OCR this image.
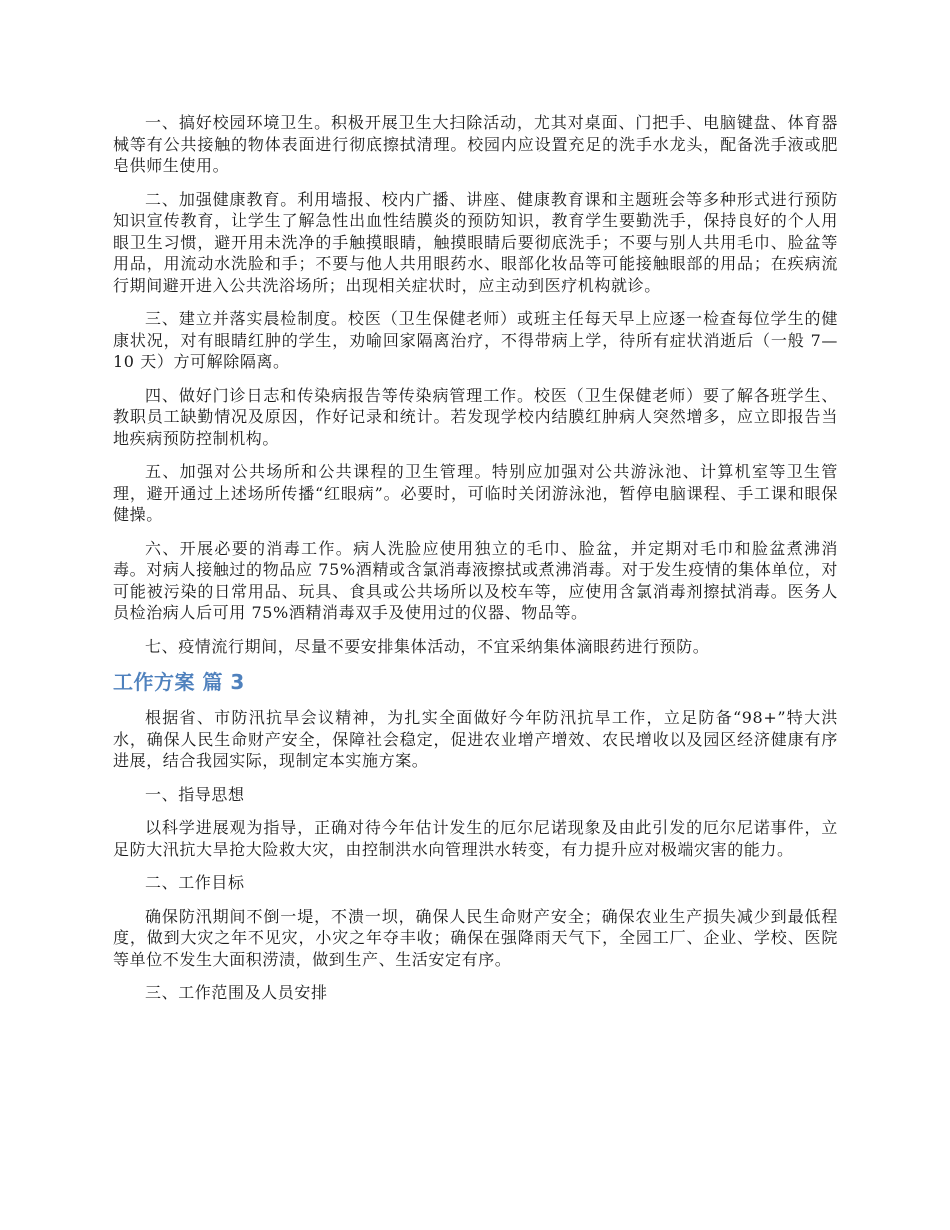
一、搞好校园环境卫生。积极开展卫生大扫除活动，尤其对桌面、门把手、电脑键盘、体育器械等有公共接触的物体表面进行彻底擦拭清理。校园内应设置充足的洗手水龙头，配备洗手液或肥皂供师生使用。

二、加强健康教育。利用墙报、校内广播、讲座、健康教育课和主题班会等多种形式进行预防知识宣传教育，让学生了解急性出血性结膜炎的预防知识，教育学生要勤洗手，保持良好的个人用眼卫生习惯，避开用未洗净的手触摸眼睛，触摸眼睛后要彻底洗手；不要与别人共用毛巾、脸盆等用品，用流动水洗脸和手；不要与他人共用眼药水、眼部化妆品等可能接触眼部的用品；在疾病流行期间避开进入公共洗浴场所；出现相关症状时，应主动到医疗机构就诊。

三、建立并落实晨检制度。校医（卫生保健老师）或班主任每天早上应逐一检查每位学生的健康状况，对有眼睛红肿的学生，劝喻回家隔离治疗，不得带病上学，待所有症状消逝后（一般 7—10 天）方可解除隔离。

四、做好门诊日志和传染病报告等传染病管理工作。校医（卫生保健老师）要了解各班学生、教职员工缺勤情况及原因，作好记录和统计。若发现学校内结膜红肿病人突然增多，应立即报告当地疾病预防控制机构。

五、加强对公共场所和公共课程的卫生管理。特别应加强对公共游泳池、计算机室等卫生管理，避开通过上述场所传播“红眼病”。必要时，可临时关闭游泳池，暂停电脑课程、手工课和眼保健操。

六、开展必要的消毒工作。病人洗脸应使用独立的毛巾、脸盆，并定期对毛巾和脸盆煮沸消毒。对病人接触过的物品应 75%酒精或含氯消毒液擦拭或煮沸消毒。对于发生疫情的集体单位，对可能被污染的日常用品、玩具、食具或公共场所以及校车等，应使用含氯消毒剂擦拭消毒。医务人员检治病人后可用 75%酒精消毒双手及使用过的仪器、物品等。

七、疫情流行期间，尽量不要安排集体活动，不宜采纳集体滴眼药进行预防。

工作方案 篇 3

根据省、市防汛抗旱会议精神，为扎实全面做好今年防汛抗旱工作，立足防备“98+”特大洪水，确保人民生命财产安全，保障社会稳定，促进农业增产增效、农民增收以及园区经济健康有序进展，结合我园实际，现制定本实施方案。

一、指导思想

以科学进展观为指导，正确对待今年估计发生的厄尔尼诺现象及由此引发的厄尔尼诺事件，立足防大汛抗大旱抢大险救大灾，由控制洪水向管理洪水转变，有力提升应对极端灾害的能力。

二、工作目标

确保防汛期间不倒一堤，不溃一坝，确保人民生命财产安全；确保农业生产损失减少到最低程度，做到大灾之年不见灾，小灾之年夺丰收；确保在强降雨天气下，全园工厂、企业、学校、医院等单位不发生大面积涝渍，做到生产、生活安定有序。

三、工作范围及人员安排
